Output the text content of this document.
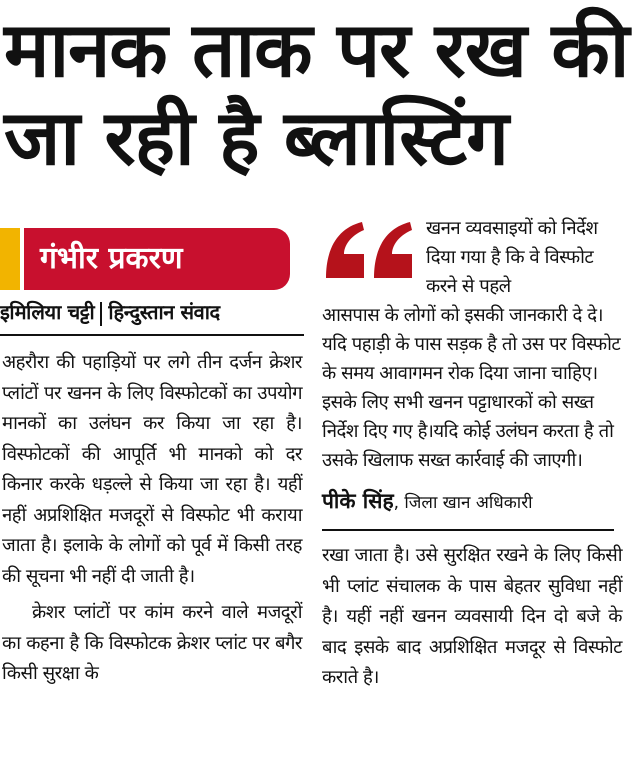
मानक ताक पर रख की
जा रही है ब्लास्टिंग
गंभीर प्रकरण
इमिलिया चट्टी हिन्दुस्तान संवाद

अहरौरा की पहाड़ियों पर लगे तीन दर्जन क्रेशर प्लांटों पर खनन के लिए विस्फोटकों का उपयोग मानकों का उलंघन कर किया जा रहा है। विस्फोटकों की आपूर्ति भी मानको को दर किनार करके धड़ल्ले से किया जा रहा है। यहीं नहीं अप्रशिक्षित मजदूरों से विस्फोट भी कराया जाता है। इलाके के लोगों को पूर्व में किसी तरह की सूचना भी नहीं दी जाती है।

क्रेशर प्लांटों पर कांम करने वाले मजदूरों का कहना है कि विस्फोटक क्रेशर प्लांट पर बगैर किसी सुरक्षा के

खनन व्यवसाइयों को निर्देश दिया गया है कि वे विस्फोट करने से पहले
आसपास के लोगों को इसकी जानकारी दे दे। यदि पहाड़ी के पास सड़क है तो उस पर विस्फोट के समय आवागमन रोक दिया जाना चाहिए। इसके लिए सभी खनन पट्टाधारकों को सख्त निर्देश दिए गए है।यदि कोई उलंघन करता है तो उसके खिलाफ सख्त कार्रवाई की जाएगी।
पीके सिंह, जिला खान अधिकारी
रखा जाता है। उसे सुरक्षित रखने के लिए किसी भी प्लांट संचालक के पास बेहतर सुविधा नहीं है। यहीं नहीं खनन व्यवसायी दिन दो बजे के बाद इसके बाद अप्रशिक्षित मजदूर से विस्फोट कराते है।
